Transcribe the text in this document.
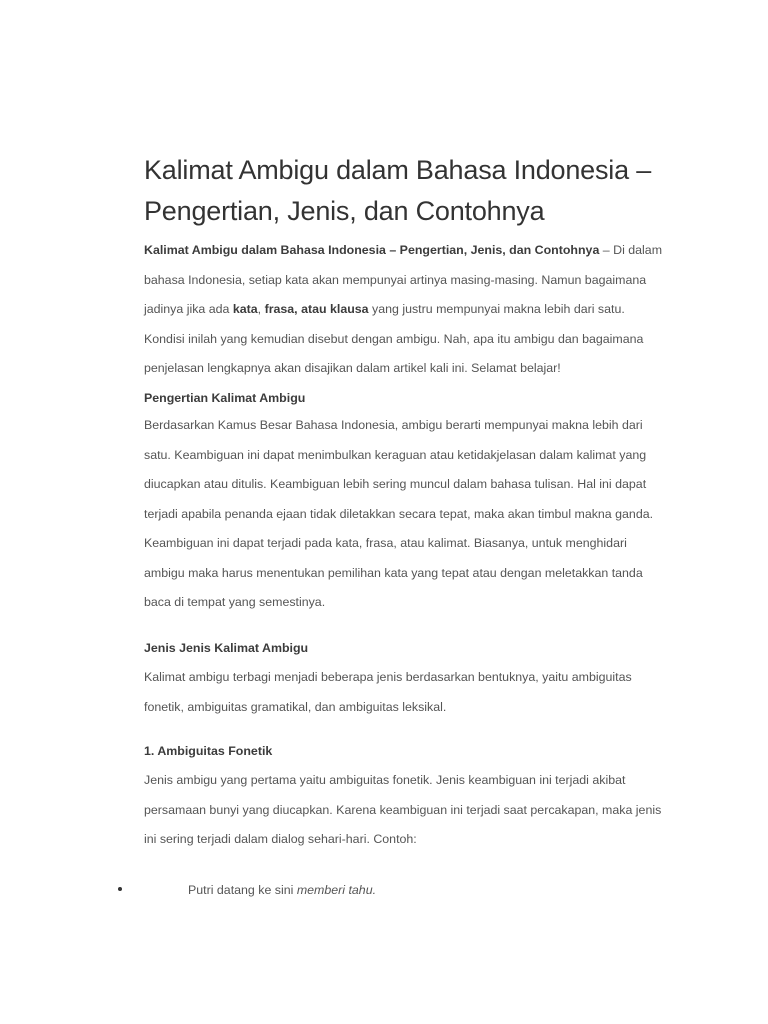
Kalimat Ambigu dalam Bahasa Indonesia – Pengertian, Jenis, dan Contohnya

Kalimat Ambigu dalam Bahasa Indonesia – Pengertian, Jenis, dan Contohnya – Di dalam bahasa Indonesia, setiap kata akan mempunyai artinya masing-masing. Namun bagaimana jadinya jika ada kata, frasa, atau klausa yang justru mempunyai makna lebih dari satu. Kondisi inilah yang kemudian disebut dengan ambigu. Nah, apa itu ambigu dan bagaimana penjelasan lengkapnya akan disajikan dalam artikel kali ini. Selamat belajar!

Pengertian Kalimat Ambigu

Berdasarkan Kamus Besar Bahasa Indonesia, ambigu berarti mempunyai makna lebih dari satu. Keambiguan ini dapat menimbulkan keraguan atau ketidakjelasan dalam kalimat yang diucapkan atau ditulis. Keambiguan lebih sering muncul dalam bahasa tulisan. Hal ini dapat terjadi apabila penanda ejaan tidak diletakkan secara tepat, maka akan timbul makna ganda. Keambiguan ini dapat terjadi pada kata, frasa, atau kalimat. Biasanya, untuk menghidari ambigu maka harus menentukan pemilihan kata yang tepat atau dengan meletakkan tanda baca di tempat yang semestinya.

Jenis Jenis Kalimat Ambigu

Kalimat ambigu terbagi menjadi beberapa jenis berdasarkan bentuknya, yaitu ambiguitas fonetik, ambiguitas gramatikal, dan ambiguitas leksikal.

1. Ambiguitas Fonetik

Jenis ambigu yang pertama yaitu ambiguitas fonetik. Jenis keambiguan ini terjadi akibat persamaan bunyi yang diucapkan. Karena keambiguan ini terjadi saat percakapan, maka jenis ini sering terjadi dalam dialog sehari-hari. Contoh:

Putri datang ke sini memberi tahu.
